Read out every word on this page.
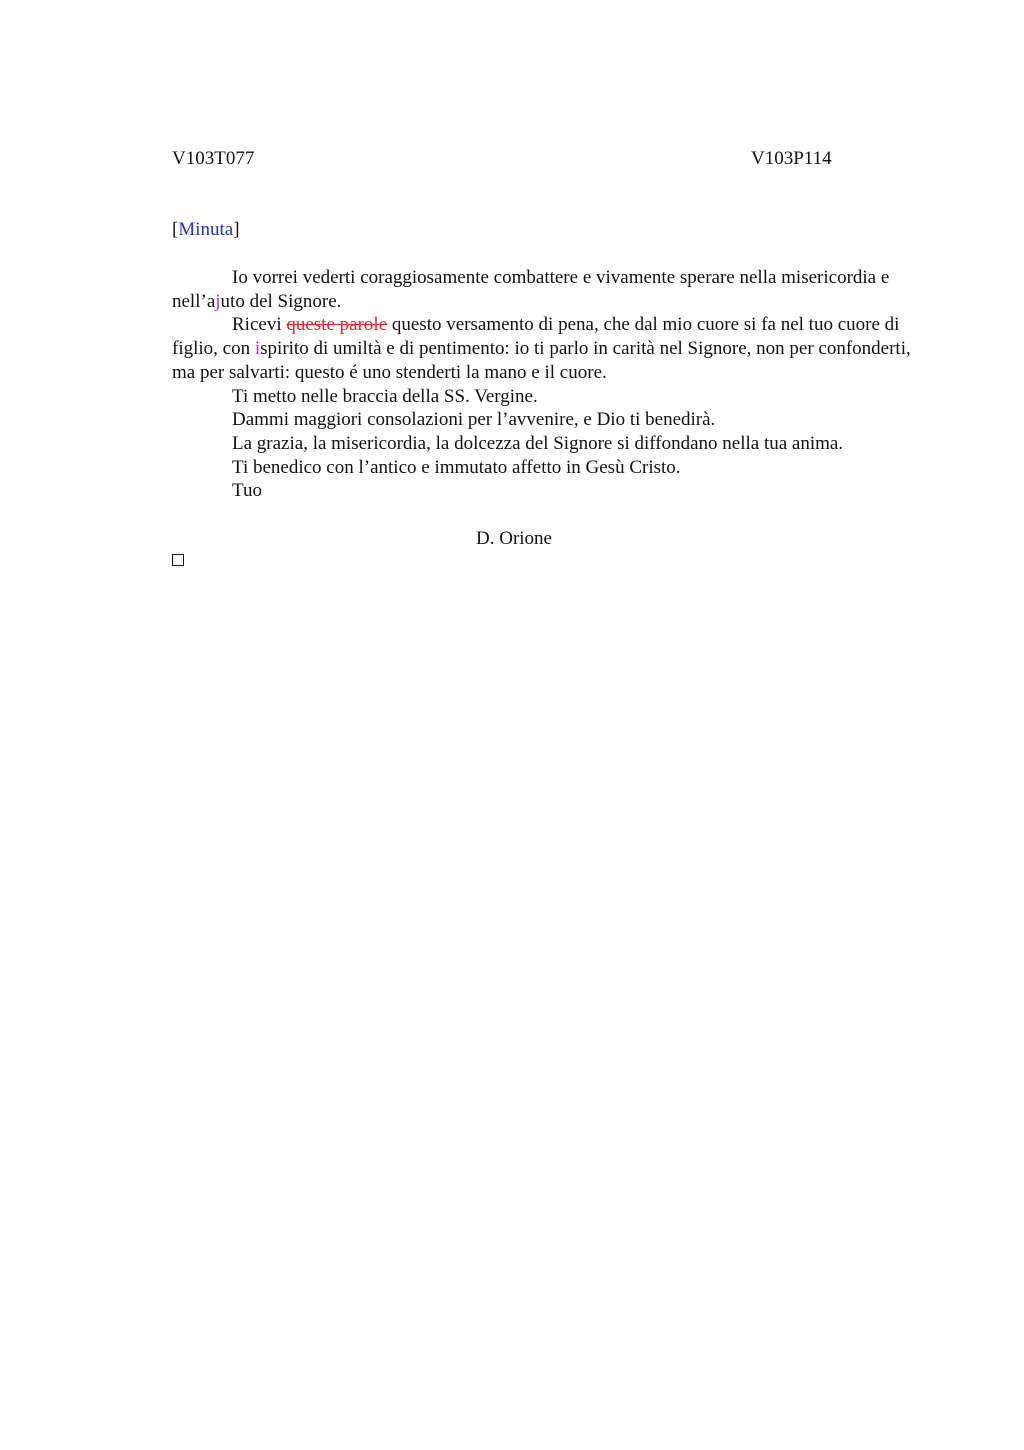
V103T077	V103P114
[Minuta]

Io vorrei vederti coraggiosamente combattere e vivamente sperare nella misericordia e nell’ajuto del Signore.

Ricevi queste parole questo versamento di pena, che dal mio cuore si fa nel tuo cuore di figlio, con ispirito di umiltà e di pentimento: io ti parlo in carità nel Signore, non per confonderti, ma per salvarti: questo é uno stenderti la mano e il cuore.

Ti metto nelle braccia della SS. Vergine.

Dammi maggiori consolazioni per l’avvenire, e Dio ti benedirà.

La grazia, la misericordia, la dolcezza del Signore si diffondano nella tua anima.

Ti benedico con l’antico e immutato affetto in Gesù Cristo.

Tuo

D. Orione
